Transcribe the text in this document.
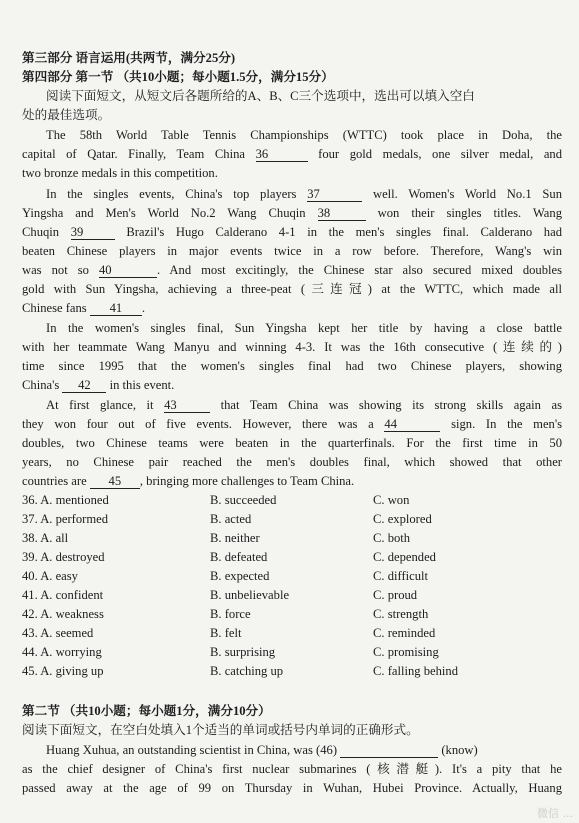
第三部分 语言运用(共两节，满分25分)
第四部分 第一节 （共10小题；每小题1.5分，满分15分）
阅读下面短文，从短文后各题所给的A、B、C三个选项中，选出可以填入空白
处的最佳选项。
The 58th World Table Tennis Championships (WTTC) took place in Doha, the
capital of Qatar. Finally, Team China 36	four gold medals, one silver medal, and
two bronze medals in this competition.
In the singles events, China's top players 37	well. Women's World No.1 Sun
Yingsha and Men's World No.2 Wang Chuqin 38	won their singles titles. Wang
Chuqin 39	Brazil's Hugo Calderano 4-1 in the men's singles final. Calderano had
beaten Chinese players in major events twice in a row before. Therefore, Wang's win
was not so 40	. And most excitingly, the Chinese star also secured mixed doubles
gold with Sun Yingsha, achieving a three-peat (三连冠) at the WTTC, which made all
Chinese fans 41 .
In the women's singles final, Sun Yingsha kept her title by having a close battle
with her teammate Wang Manyu and winning 4-3. It was the 16th consecutive (连续的)
time since 1995 that the women's singles final had two Chinese players, showing
China's 42 in this event.
At first glance, it 43	that Team China was showing its strong skills again as
they won four out of five events. However, there was a 44	sign. In the men's
doubles, two Chinese teams were beaten in the quarterfinals. For the first time in 50
years, no Chinese pair reached the men's doubles final, which showed that other
countries are 45 , bringing more challenges to Team China.
36. A. mentioned	B. succeeded	C. won
37. A. performed	B. acted	C. explored
38. A. all	B. neither	C. both
39. A. destroyed	B. defeated	C. depended
40. A. easy	B. expected	C. difficult
41. A. confident	B. unbelievable	C. proud
42. A. weakness	B. force	C. strength
43. A. seemed	B. felt	C. reminded
44. A. worrying	B. surprising	C. promising
45. A. giving up	B. catching up	C. falling behind
第二节 （共10小题；每小题1分，满分10分）
阅读下面短文，在空白处填入1个适当的单词或括号内单词的正确形式。
Huang Xuhua, an outstanding scientist in China, was (46)	(know)
as the chief designer of China's first nuclear submarines (核潜艇). It's a pity that he
passed away at the age of 99 on Thursday in Wuhan, Hubei Province. Actually, Huang
微信 ...
